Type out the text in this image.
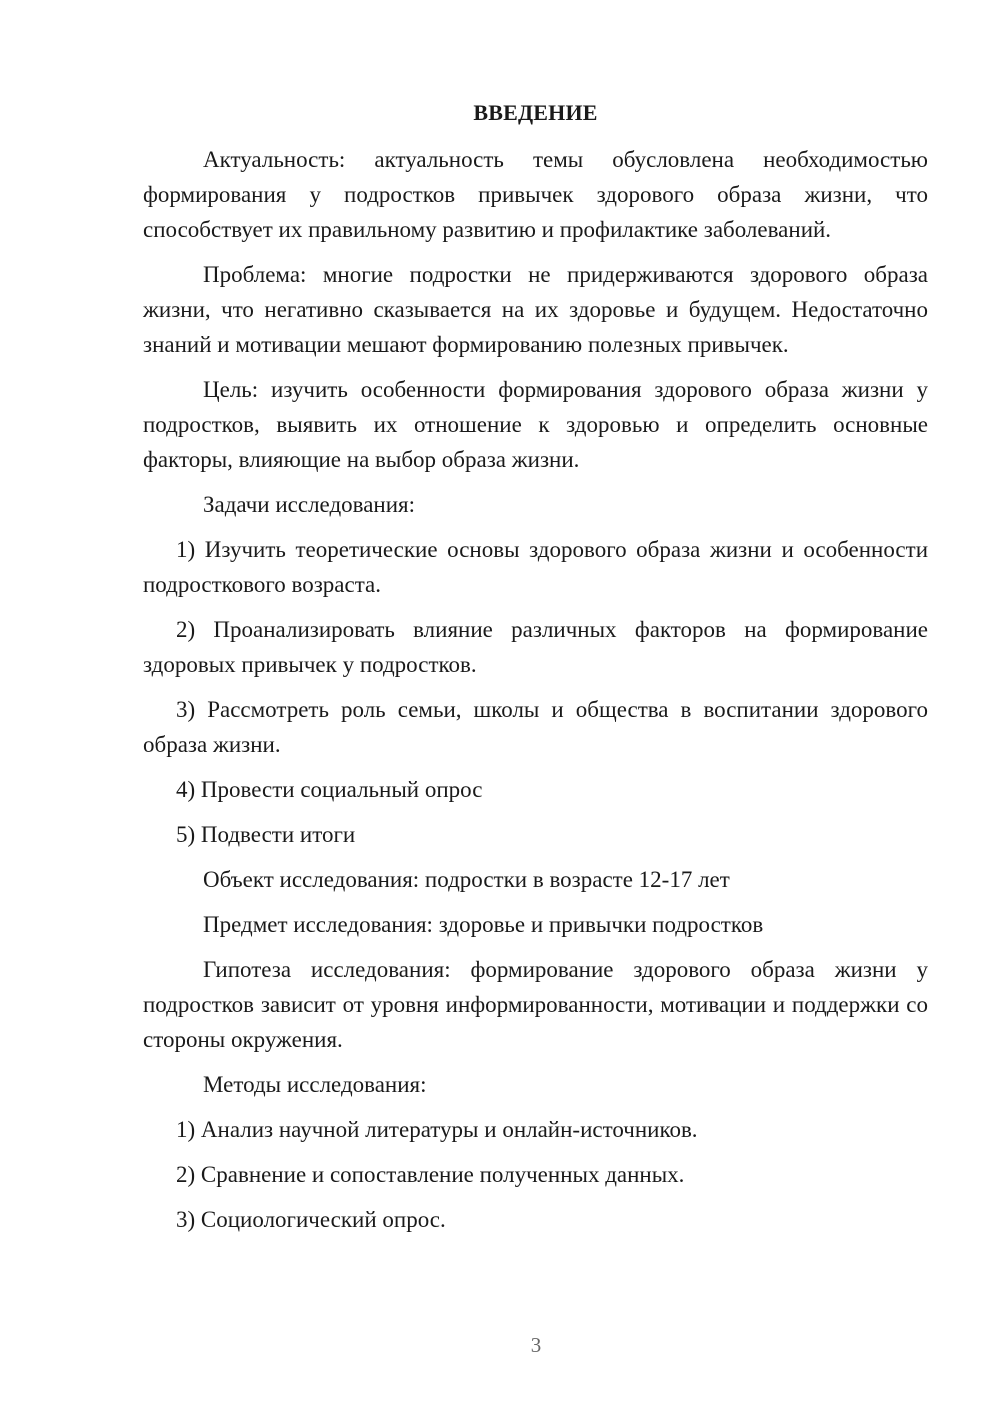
ВВЕДЕНИЕ
Актуальность: актуальность темы обусловлена необходимостью формирования у подростков привычек здорового образа жизни, что способствует их правильному развитию и профилактике заболеваний.
Проблема: многие подростки не придерживаются здорового образа жизни, что негативно сказывается на их здоровье и будущем. Недостаточно знаний и мотивации мешают формированию полезных привычек.
Цель: изучить особенности формирования здорового образа жизни у подростков, выявить их отношение к здоровью и определить основные факторы, влияющие на выбор образа жизни.
Задачи исследования:
1) Изучить теоретические основы здорового образа жизни и особенности подросткового возраста.
2) Проанализировать влияние различных факторов на формирование здоровых привычек у подростков.
3) Рассмотреть роль семьи, школы и общества в воспитании здорового образа жизни.
4) Провести социальный опрос
5) Подвести итоги
Объект исследования: подростки в возрасте 12-17 лет
Предмет исследования: здоровье и привычки подростков
Гипотеза исследования: формирование здорового образа жизни у подростков зависит от уровня информированности, мотивации и поддержки со стороны окружения.
Методы исследования:
1) Анализ научной литературы и онлайн-источников.
2) Сравнение и сопоставление полученных данных.
3) Социологический опрос.
3
